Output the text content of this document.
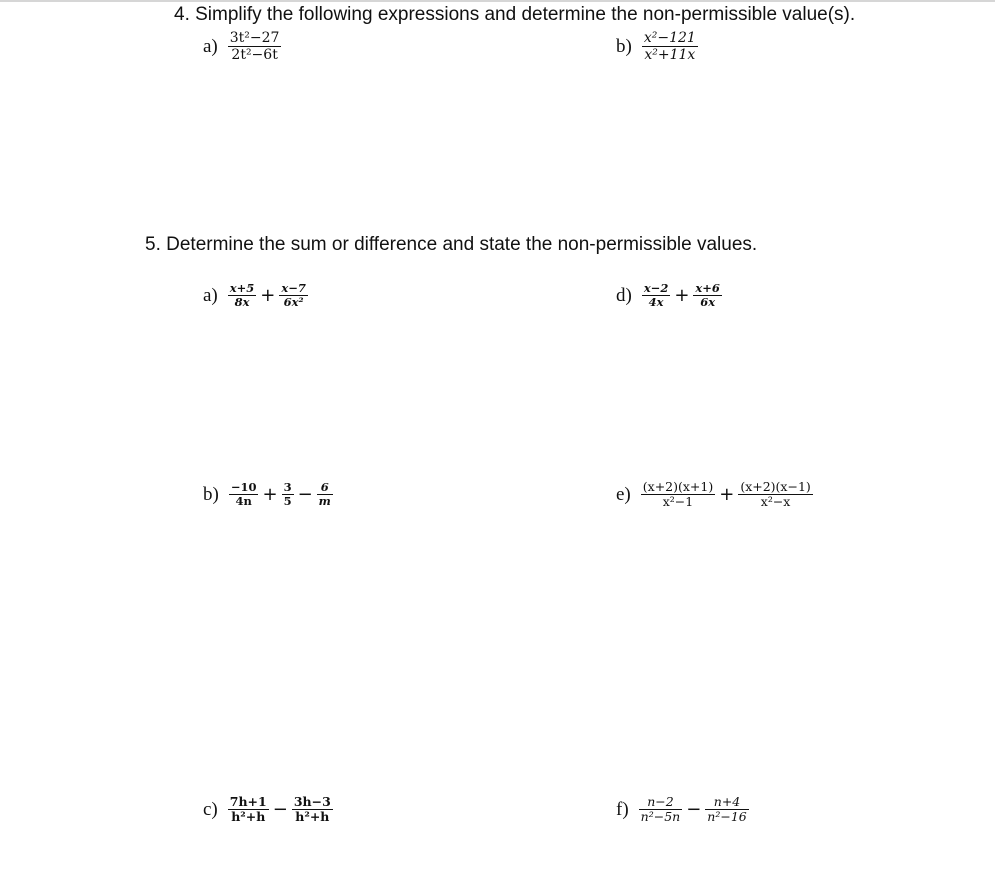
4. Simplify the following expressions and determine the non-permissible value(s).
$a) \frac{\text{3t²−27}}{\text{2t²−6t}}$	$b) \frac{\text{x²−121}}{\text{x²+11x}}$
5. Determine the sum or difference and state the non-permissible values.
$a) \frac{x+5}{8x} + \frac{x-7}{\text{6x²}}$	$d) \frac{x-2}{4x} + \frac{x+6}{6x}$
$b) \frac{-10}{4n} + \frac{3}{5} - \frac{6}{m}$	$e) \frac{(x+2)(x+1)}{\text{x²−1}} + \frac{(x+2)(x-1)}{\text{x²−x}}$
$c) \frac{7h+1}{\text{h²+h}} - \frac{3h-3}{\text{h²+h}}$	$f) \frac{n-2}{\text{n²−5n}} - \frac{n+4}{\text{n²−16}}$
